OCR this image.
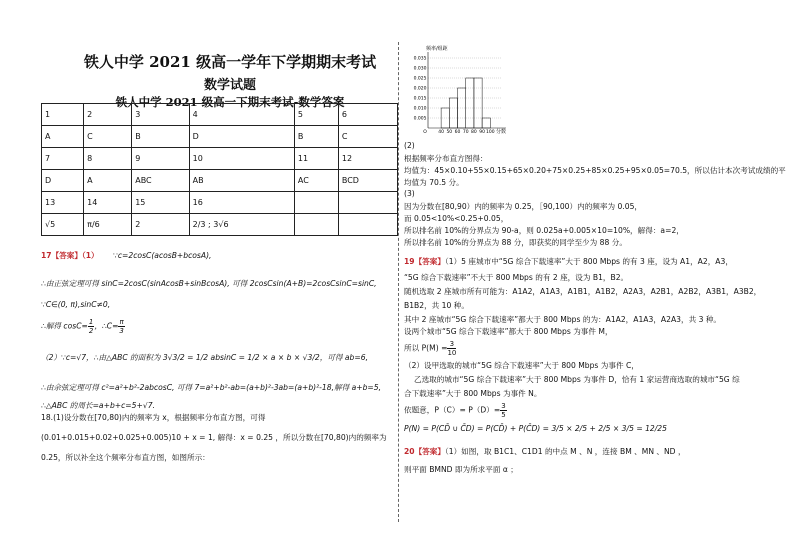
铁人中学 2021 级高一学年下学期期末考试
数学试题
铁人中学 2021 级高一下期末考试-数学答案
1	2	3	4	5	6
A	C	B	D	B	C
7	8	9	10	11	12
D	A	ABC	AB	AC	BCD
13	14	15	16		
√5	π/6	2	2/3 ; 3√6		
17【答案】（1） ∵c=2cosC(acosB+bcosA),
∴由正弦定理可得 sinC=2cosC(sinAcosB+sinBcosA), 可得 2cosCsin(A+B)=2cosCsinC=sinC,
∵C∈(0, π),sinC≠0,
∴解得 $\cos C= \frac{1}{2}$ ，∴C= $\frac{\pi}{3}$
（2）∵c=√7，∴由△ABC 的面积为 3√3/2 = 1/2 absinC = 1/2 × a × b × √3/2，可得 ab=6,
∴由余弦定理可得 c²=a²+b²-2abcosC, 可得 7=a²+b²-ab=(a+b)²-3ab=(a+b)²-18,解得 a+b=5,
∴△ABC 的周长=a+b+c=5+√7.
18.(1)设分数在[70,80)内的频率为 x，根据频率分布直方图，可得
(0.01+0.015+0.02+0.025+0.005)10 + x = 1, 解得：x = 0.25 ，所以分数在[70,80)内的频率为
0.25，所以补全这个频率分布直方图，如图所示：
频率/组距
分数
0.035
0.030
0.025
0.020
0.015
0.010
0.005
O	40 50 60 70 80 90 100
(2)
根据频率分布直方图得：
均值为：45×0.10+55×0.15+65×0.20+75×0.25+85×0.25+95×0.05=70.5，所以估计本次考试成绩的平
均值为 70.5 分。
(3)
因为分数在[80,90）内的频率为 0.25，［90,100）内的频率为 0.05，
而 0.05<10%<0.25+0.05，
所以排名前 10%的分界点为 90-a，则 0.025a+0.005×10=10%，解得：a=2，
所以排名前 10%的分界点为 88 分，即获奖的同学至少为 88 分。
19【答案】（1）5 座城市中“5G 综合下载速率”大于 800 Mbps 的有 3 座，设为 A1，A2，A3，
“5G 综合下载速率”不大于 800 Mbps 的有 2 座，设为 B1，B2。
随机选取 2 座城市所有可能为：A1A2，A1A3，A1B1，A1B2，A2A3，A2B1，A2B2，A3B1，A3B2，
B1B2，共 10 种。
其中 2 座城市“5G 综合下载速率”都大于 800 Mbps 的为：A1A2，A1A3，A2A3，共 3 种。
设两个城市“5G 综合下载速率”都大于 800 Mbps 为事件 M，
所以 $P(M) = \frac{3}{10}$
（2）设甲选取的城市“5G 综合下载速率”大于 800 Mbps 为事件 C，
乙选取的城市“5G 综合下载速率”大于 800 Mbps 为事件 D，恰有 1 家运营商选取的城市“5G 综
合下载速率”大于 800 Mbps 为事件 N。
依题意，$P(C)= P(D)= \frac{3}{5}$
P(N) = P(CD̄ ∪ C̄D) = P(CD̄) + P(C̄D) = 3/5 × 2/5 + 2/5 × 3/5 = 12/25
20【答案】（1）如图，取 B1C1、C1D1 的中点 M 、N ，连接 BM 、MN 、ND ，
则平面 BMND 即为所求平面 α ；
